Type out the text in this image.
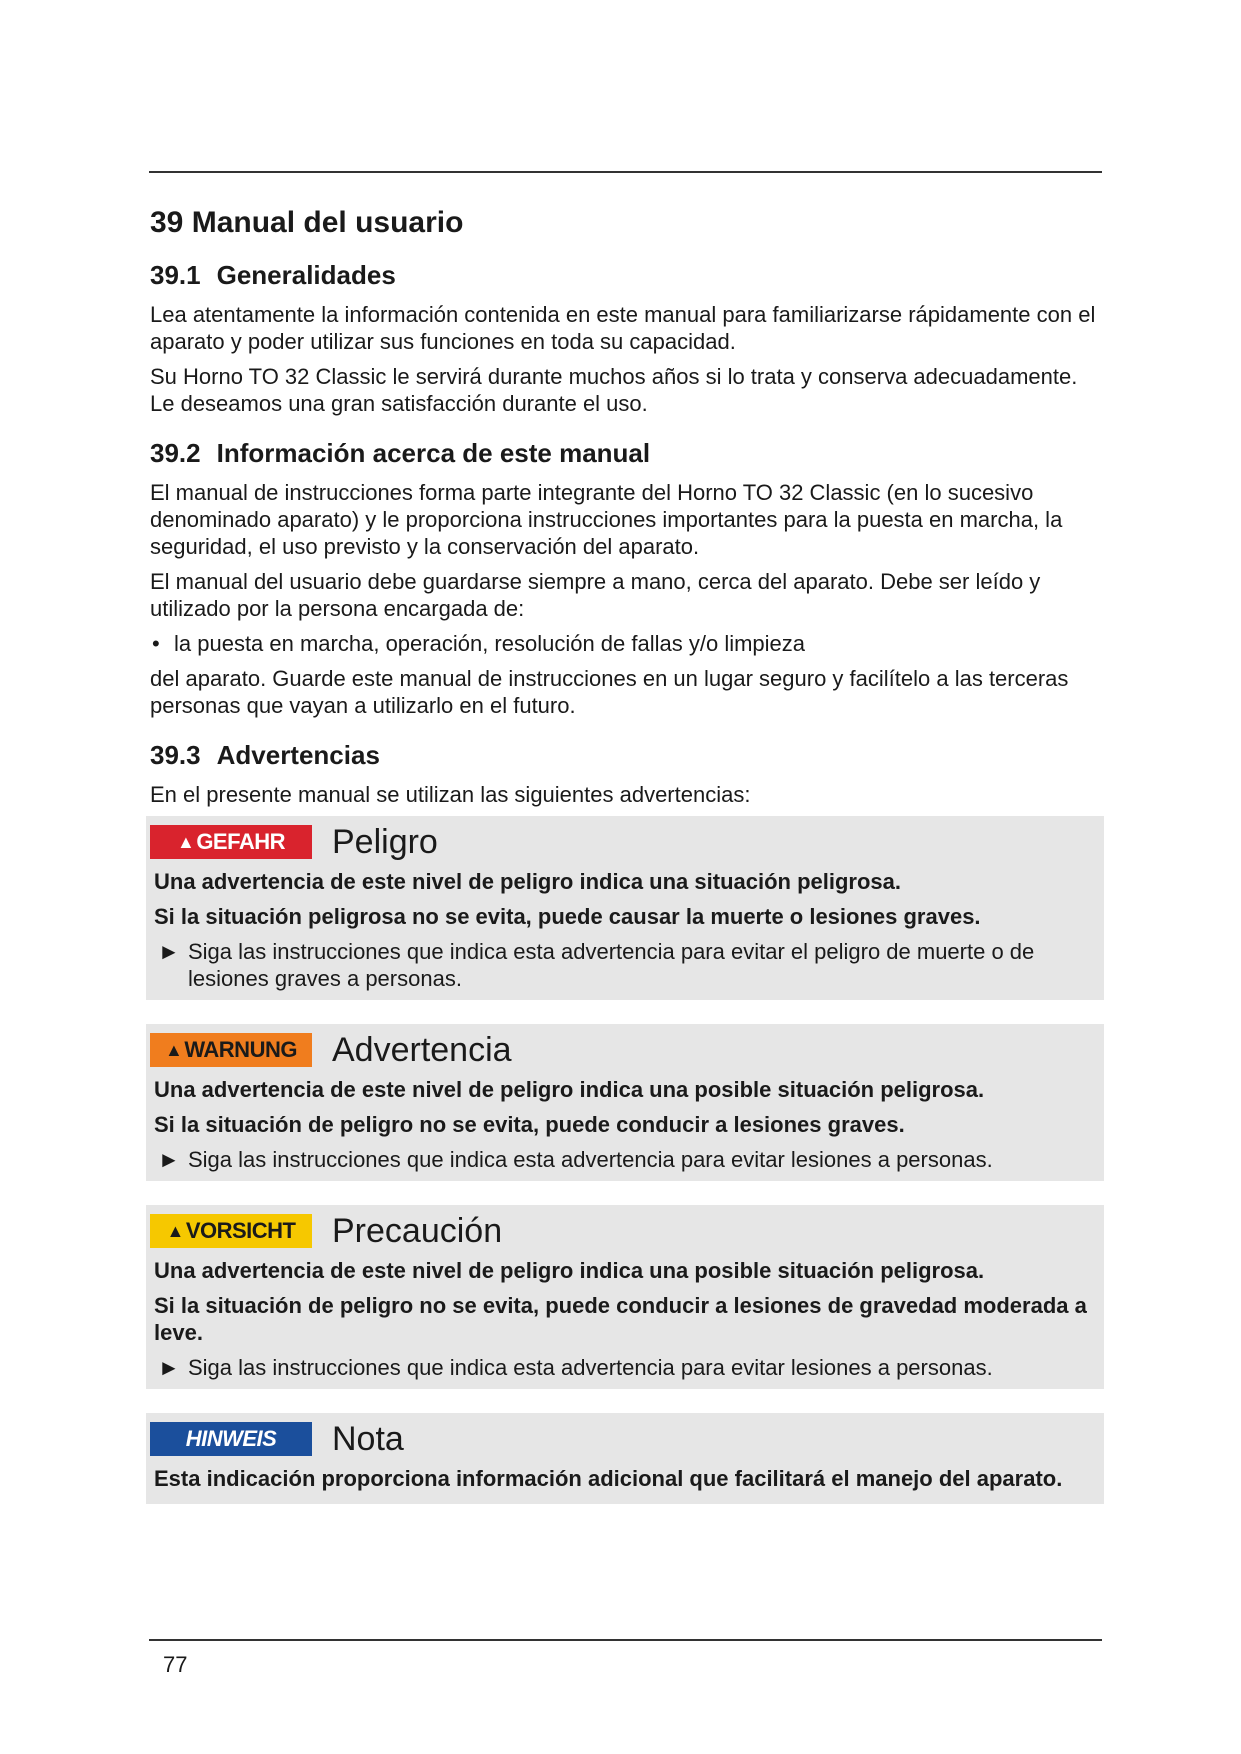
39 Manual del usuario
39.1 Generalidades

Lea atentamente la información contenida en este manual para familiarizarse rápidamente con el aparato y poder utilizar sus funciones en toda su capacidad.

Su Horno TO 32 Classic le servirá durante muchos años si lo trata y conserva adecuadamente. Le deseamos una gran satisfacción durante el uso.

39.2 Información acerca de este manual

El manual de instrucciones forma parte integrante del Horno TO 32 Classic (en lo sucesivo denominado aparato) y le proporciona instrucciones importantes para la puesta en marcha, la seguridad, el uso previsto y la conservación del aparato.

El manual del usuario debe guardarse siempre a mano, cerca del aparato. Debe ser leído y utilizado por la persona encargada de:

• la puesta en marcha, operación, resolución de fallas y/o limpieza

del aparato. Guarde este manual de instrucciones en un lugar seguro y facilítelo a las terceras personas que vayan a utilizarlo en el futuro.

39.3 Advertencias

En el presente manual se utilizan las siguientes advertencias:

▲ GEFAHR Peligro

Una advertencia de este nivel de peligro indica una situación peligrosa.

Si la situación peligrosa no se evita, puede causar la muerte o lesiones graves.

► Siga las instrucciones que indica esta advertencia para evitar el peligro de muerte o de lesiones graves a personas.

▲ WARNUNG Advertencia

Una advertencia de este nivel de peligro indica una posible situación peligrosa.

Si la situación de peligro no se evita, puede conducir a lesiones graves.

► Siga las instrucciones que indica esta advertencia para evitar lesiones a personas.

▲ VORSICHT Precaución

Una advertencia de este nivel de peligro indica una posible situación peligrosa.

Si la situación de peligro no se evita, puede conducir a lesiones de gravedad moderada a leve.

► Siga las instrucciones que indica esta advertencia para evitar lesiones a personas.

HINWEIS	Nota

Esta indicación proporciona información adicional que facilitará el manejo del aparato.

77
